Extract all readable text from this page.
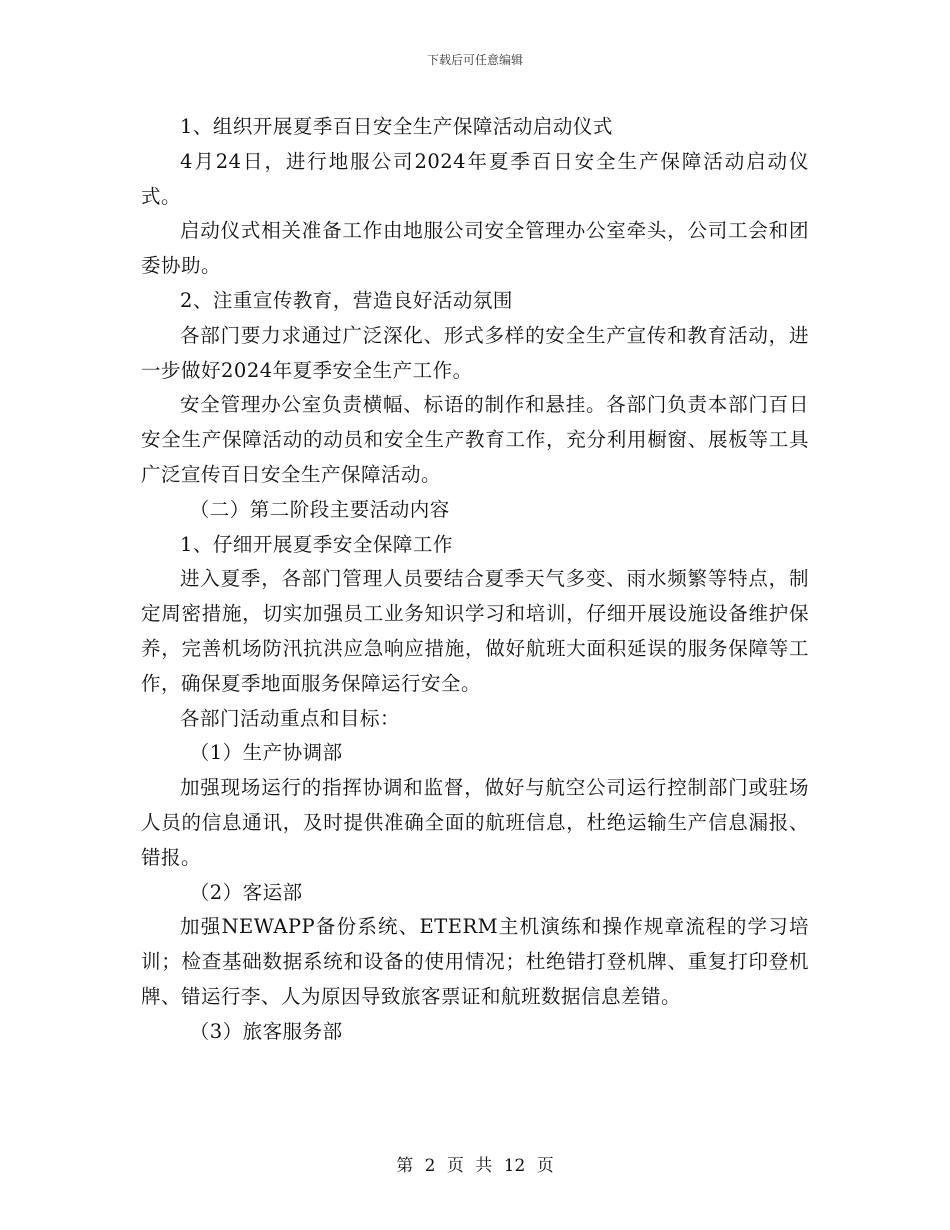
下载后可任意编辑

1、组织开展夏季百日安全生产保障活动启动仪式

4月24日，进行地服公司2024年夏季百日安全生产保障活动启动仪式。

启动仪式相关准备工作由地服公司安全管理办公室牵头，公司工会和团委协助。

2、注重宣传教育，营造良好活动氛围

各部门要力求通过广泛深化、形式多样的安全生产宣传和教育活动，进一步做好2024年夏季安全生产工作。

安全管理办公室负责横幅、标语的制作和悬挂。各部门负责本部门百日安全生产保障活动的动员和安全生产教育工作，充分利用橱窗、展板等工具广泛宣传百日安全生产保障活动。

（二）第二阶段主要活动内容

1、仔细开展夏季安全保障工作

进入夏季，各部门管理人员要结合夏季天气多变、雨水频繁等特点，制定周密措施，切实加强员工业务知识学习和培训，仔细开展设施设备维护保养，完善机场防汛抗洪应急响应措施，做好航班大面积延误的服务保障等工作，确保夏季地面服务保障运行安全。

各部门活动重点和目标：

（1）生产协调部

加强现场运行的指挥协调和监督，做好与航空公司运行控制部门或驻场人员的信息通讯，及时提供准确全面的航班信息，杜绝运输生产信息漏报、错报。

（2）客运部

加强NEWAPP备份系统、ETERM主机演练和操作规章流程的学习培训；检查基础数据系统和设备的使用情况；杜绝错打登机牌、重复打印登机牌、错运行李、人为原因导致旅客票证和航班数据信息差错。

（3）旅客服务部

第 2 页 共 12 页
